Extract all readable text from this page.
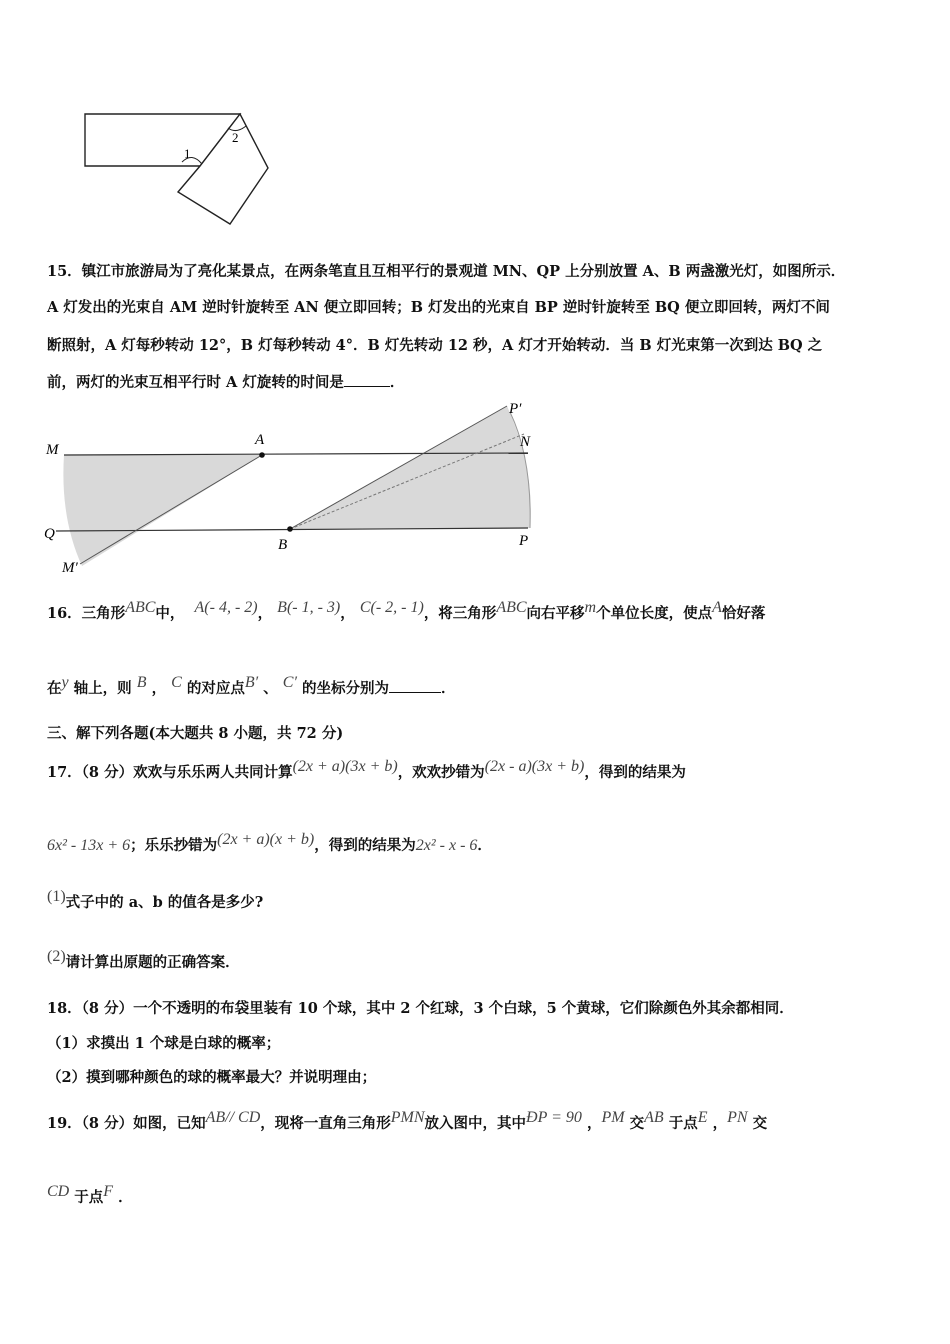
1
2
15．镇江市旅游局为了亮化某景点，在两条笔直且互相平行的景观道 MN、QP 上分别放置 A、B 两盏激光灯，如图所示．
A 灯发出的光束自 AM 逆时针旋转至 AN 便立即回转；B 灯发出的光束自 BP 逆时针旋转至 BQ 便立即回转，两灯不间
断照射，A 灯每秒转动 12°，B 灯每秒转动 4°．B 灯先转动 12 秒，A 灯才开始转动．当 B 灯光束第一次到达 BQ 之
前，两灯的光束互相平行时 A 灯旋转的时间是	．
M
A	N
P′
Q
B	P
M′
16．三角形ABC中， A(- 4, - 2)， B(- 1, - 3)， C(- 2, - 1)，将三角形ABC向右平移m个单位长度，使点A恰好落
在y 轴上，则 B ， C 的对应点B′ 、 C′ 的坐标分别为	．
三、解下列各题(本大题共 8 小题，共 72 分)
17．（8 分）欢欢与乐乐两人共同计算(2x + a)(3x + b)，欢欢抄错为(2x - a)(3x + b)，得到的结果为
6x² - 13x + 6；乐乐抄错为(2x + a)(x + b)，得到的结果为2x² - x - 6．
(1)式子中的 a、b 的值各是多少?
(2)请计算出原题的正确答案．
18．（8 分）一个不透明的布袋里装有 10 个球，其中 2 个红球，3 个白球，5 个黄球，它们除颜色外其余都相同．
（1）求摸出 1 个球是白球的概率；
（2）摸到哪种颜色的球的概率最大？并说明理由；
19．（8 分）如图，已知AB// CD，现将一直角三角形PMN放入图中，其中ÐP = 90 ，PM 交AB 于点E ，PN 交
CD 于点F ．
